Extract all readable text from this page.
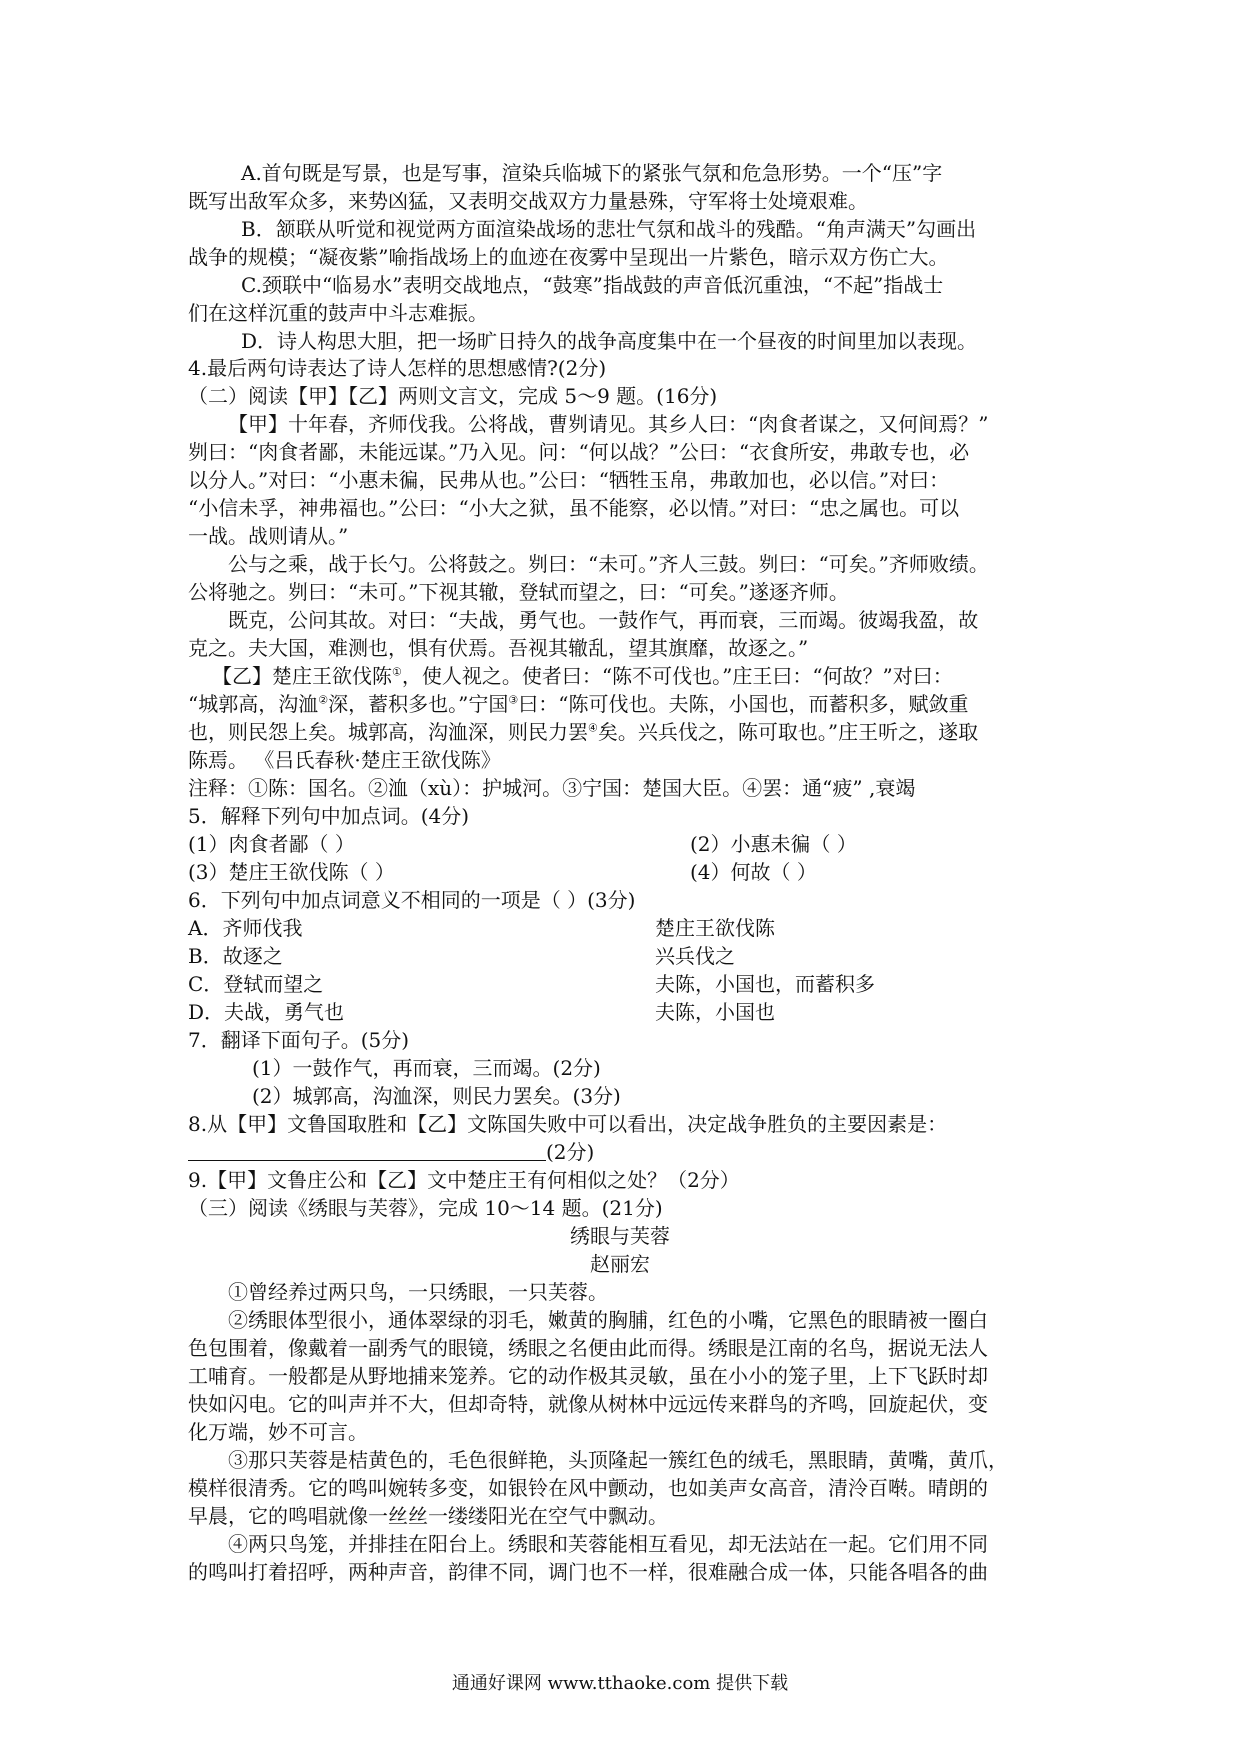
A.首句既是写景，也是写事，渲染兵临城下的紧张气氛和危急形势。一个“压”字
既写出敌军众多，来势凶猛，又表明交战双方力量悬殊，守军将士处境艰难。
B．颔联从听觉和视觉两方面渲染战场的悲壮气氛和战斗的残酷。“角声满天”勾画出
战争的规模；“凝夜紫”喻指战场上的血迹在夜雾中呈现出一片紫色，暗示双方伤亡大。
C.颈联中“临易水”表明交战地点，“鼓寒”指战鼓的声音低沉重浊，“不起”指战士
们在这样沉重的鼓声中斗志难振。
D．诗人构思大胆，把一场旷日持久的战争高度集中在一个昼夜的时间里加以表现。
4.最后两句诗表达了诗人怎样的思想感情?(2分)
（二）阅读【甲】【乙】两则文言文，完成 5～9 题。(16分)
【甲】十年春，齐师伐我。公将战，曹刿请见。其乡人曰：“肉食者谋之，又何间焉？”
刿曰：“肉食者鄙，未能远谋。”乃入见。问：“何以战？”公曰：“衣食所安，弗敢专也，必
以分人。”对曰：“小惠未徧，民弗从也。”公曰：“牺牲玉帛，弗敢加也，必以信。”对曰：
“小信未孚，神弗福也。”公曰：“小大之狱，虽不能察，必以情。”对曰：“忠之属也。可以
一战。战则请从。”
公与之乘，战于长勺。公将鼓之。刿曰：“未可。”齐人三鼓。刿曰：“可矣。”齐师败绩。
公将驰之。刿曰：“未可。”下视其辙，登轼而望之，曰：“可矣。”遂逐齐师。
既克，公问其故。对曰：“夫战，勇气也。一鼓作气，再而衰，三而竭。彼竭我盈，故
克之。夫大国，难测也，惧有伏焉。吾视其辙乱，望其旗靡，故逐之。”
【乙】楚庄王欲伐陈①，使人视之。使者曰：“陈不可伐也。”庄王曰：“何故？”对曰：
“城郭高，沟洫②深，蓄积多也。”宁国③曰：“陈可伐也。夫陈，小国也，而蓄积多，赋敛重
也，则民怨上矣。城郭高，沟洫深，则民力罢④矣。兴兵伐之，陈可取也。”庄王听之，遂取
陈焉。 《吕氏春秋·楚庄王欲伐陈》
注释：①陈：国名。②洫（xù）：护城河。③宁国：楚国大臣。④罢：通“疲” ,衰竭
5．解释下列句中加点词。(4分)
(1）肉食者鄙（ ）	(2）小惠未徧（ ）
(3）楚庄王欲伐陈（ ）	(4）何故（ ）
6．下列句中加点词意义不相同的一项是（ ）(3分)
A．齐师伐我	楚庄王欲伐陈
B．故逐之	兴兵伐之
C．登轼而望之	夫陈，小国也，而蓄积多
D．夫战，勇气也	夫陈，小国也
7．翻译下面句子。(5分)
(1）一鼓作气，再而衰，三而竭。(2分)
(2）城郭高，沟洫深，则民力罢矣。(3分)
8.从【甲】文鲁国取胜和【乙】文陈国失败中可以看出，决定战争胜负的主要因素是：
(2分)
9.【甲】文鲁庄公和【乙】文中楚庄王有何相似之处？（2分）
（三）阅读《绣眼与芙蓉》，完成 10～14 题。(21分)
绣眼与芙蓉
赵丽宏
①曾经养过两只鸟，一只绣眼，一只芙蓉。
②绣眼体型很小，通体翠绿的羽毛，嫩黄的胸脯，红色的小嘴，它黑色的眼睛被一圈白
色包围着，像戴着一副秀气的眼镜，绣眼之名便由此而得。绣眼是江南的名鸟，据说无法人
工哺育。一般都是从野地捕来笼养。它的动作极其灵敏，虽在小小的笼子里，上下飞跃时却
快如闪电。它的叫声并不大，但却奇特，就像从树林中远远传来群鸟的齐鸣，回旋起伏，变
化万端，妙不可言。
③那只芙蓉是桔黄色的，毛色很鲜艳，头顶隆起一簇红色的绒毛，黑眼睛，黄嘴，黄爪，
模样很清秀。它的鸣叫婉转多变，如银铃在风中颤动，也如美声女高音，清泠百啭。晴朗的
早晨，它的鸣唱就像一丝丝一缕缕阳光在空气中飘动。
④两只鸟笼，并排挂在阳台上。绣眼和芙蓉能相互看见，却无法站在一起。它们用不同
的鸣叫打着招呼，两种声音，韵律不同，调门也不一样，很难融合成一体，只能各唱各的曲
通通好课网 www.tthaoke.com 提供下载
